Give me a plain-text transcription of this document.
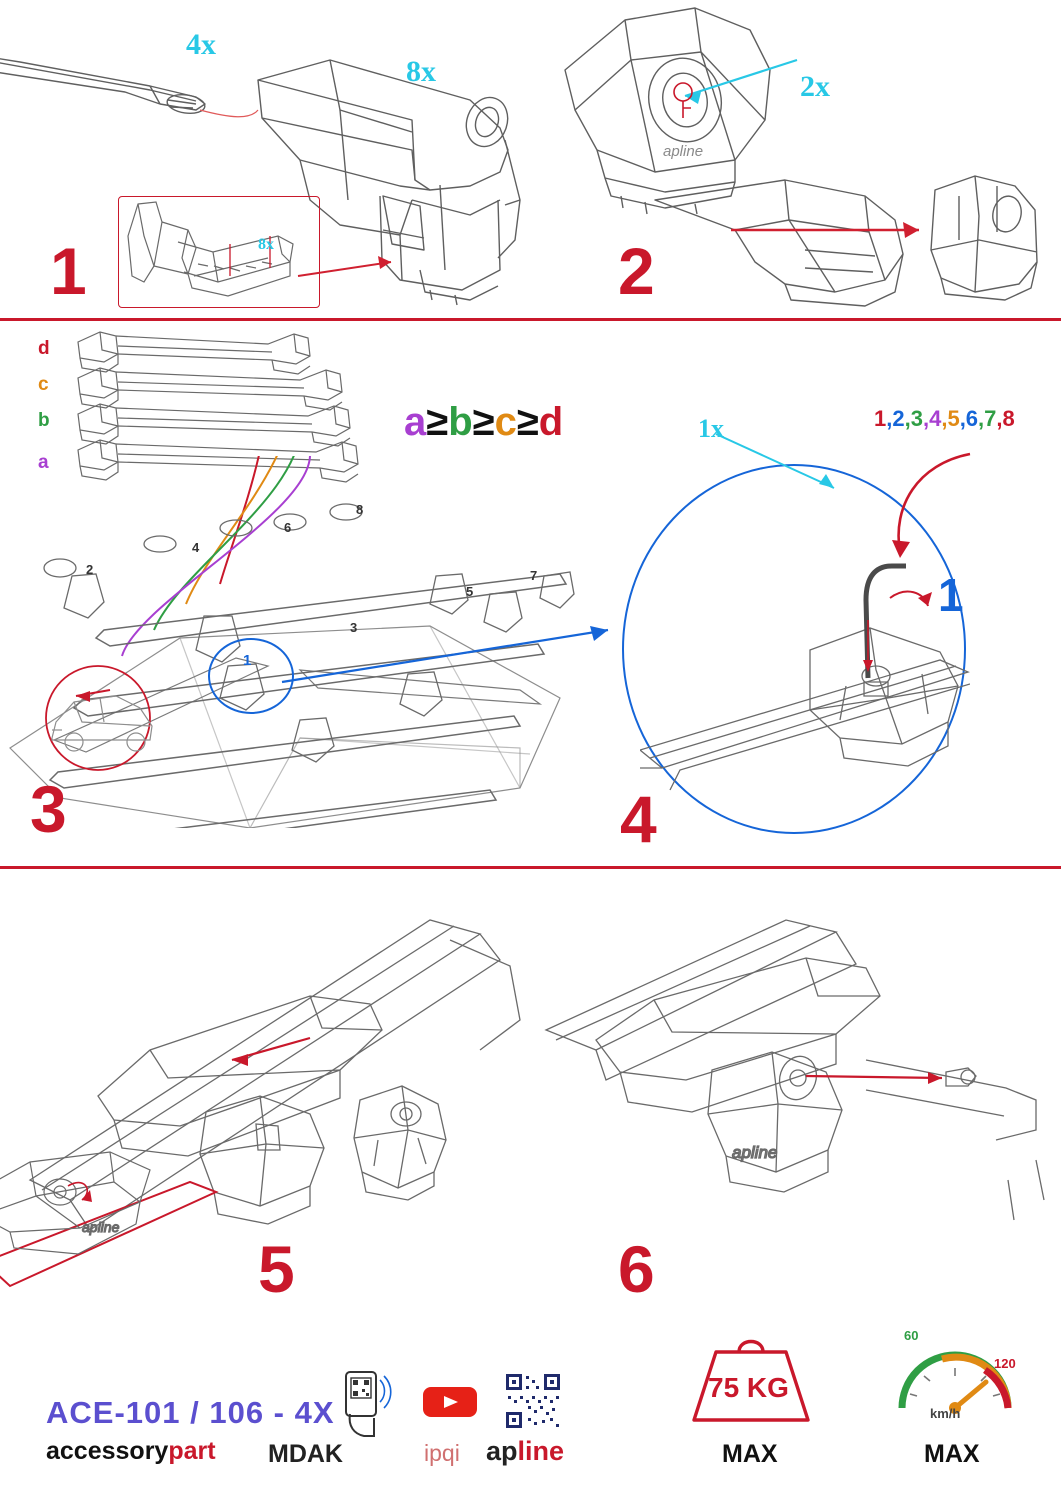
8x
4x
8x
1
apline
2x
2
d
c
b
a
a≥b≥c≥d
2
4
6
8
3
5
7
1
3
1x	1,2,3,4,5,6,7,8
1
4
apline
5
apline
6
ACE-101 / 106 - 4X
accessorypart MDAK	ipqi apline
75 KG
MAX
60
120
km/h
MAX
